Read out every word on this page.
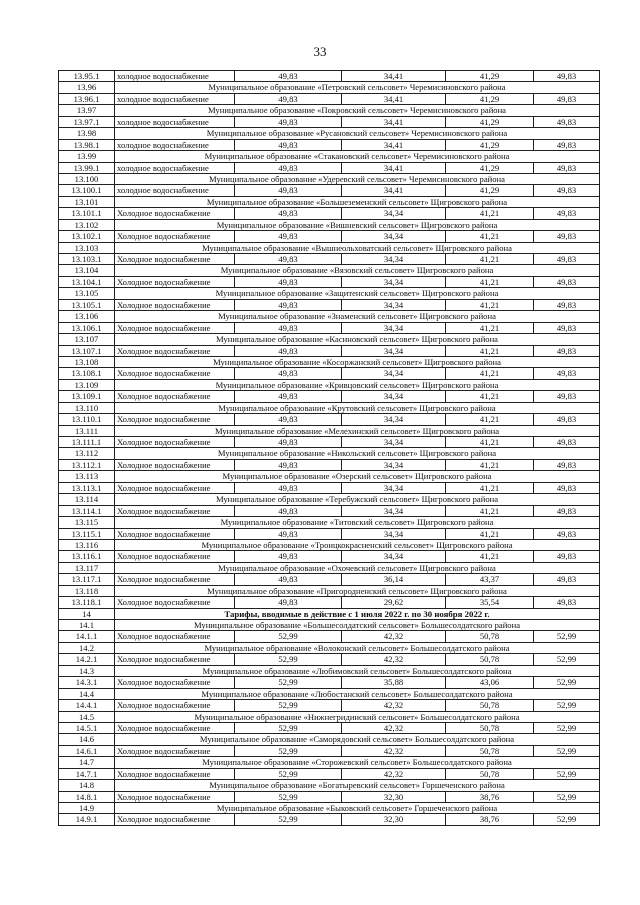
33
13.95.1	холодное водоснабжение	49,83	34,41	41,29	49,83
13.96	Муниципальное образование «Петровский сельсовет» Черемисиновского района
13.96.1	холодное водоснабжение	49,83	34,41	41,29	49,83
13.97	Муниципальное образование «Покровский сельсовет» Черемисиновского района
13.97.1	холодное водоснабжение	49,83	34,41	41,29	49,83
13.98	Муниципальное образование «Русановский сельсовет» Черемисиновского района
13.98.1	холодное водоснабжение	49,83	34,41	41,29	49,83
13.99	Муниципальное образование «Стакановский сельсовет» Черемисиновского района
13.99.1	холодное водоснабжение	49,83	34,41	41,29	49,83
13.100	Муниципальное образование «Удеревский сельсовет» Черемисиновского района
13.100.1	холодное водоснабжение	49,83	34,41	41,29	49,83
13.101	Муниципальное образование «Большеземенский сельсовет» Щигровского района
13.101.1	Холодное водоснабжение	49,83	34,34	41,21	49,83
13.102	Муниципальное образование «Вишневский сельсовет» Щигровского района
13.102.1	Холодное водоснабжение	49,83	34,34	41,21	49,83
13.103	Муниципальное образование «Вышнеольховатский сельсовет» Щигровского района
13.103.1	Холодное водоснабжение	49,83	34,34	41,21	49,83
13.104	Муниципальное образование «Вязовский сельсовет» Щигровского района
13.104.1	Холодное водоснабжение	49,83	34,34	41,21	49,83
13.105	Муниципальное образование «Защитенский сельсовет» Щигровского района
13.105.1	Холодное водоснабжение	49,83	34,34	41,21	49,83
13.106	Муниципальное образование «Знаменский сельсовет» Щигровского района
13.106.1	Холодное водоснабжение	49,83	34,34	41,21	49,83
13.107	Муниципальное образование «Касиновский сельсовет» Щигровского района
13.107.1	Холодное водоснабжение	49,83	34,34	41,21	49,83
13.108	Муниципальное образование «Косоржанский сельсовет» Щигровского района
13.108.1	Холодное водоснабжение	49,83	34,34	41,21	49,83
13.109	Муниципальное образование «Кривцовский сельсовет» Щигровского района
13.109.1	Холодное водоснабжение	49,83	34,34	41,21	49,83
13.110	Муниципальное образование «Крутовский сельсовет» Щигровского района
13.110.1	Холодное водоснабжение	49,83	34,34	41,21	49,83
13.111	Муниципальное образование «Мелехинский сельсовет» Щигровского района
13.111.1	Холодное водоснабжение	49,83	34,34	41,21	49,83
13.112	Муниципальное образование «Никольский сельсовет» Щигровского района
13.112.1	Холодное водоснабжение	49,83	34,34	41,21	49,83
13.113	Муниципальное образование «Озерский сельсовет» Щигровского района
13.113.1	Холодное водоснабжение	49,83	34,34	41,21	49,83
13.114	Муниципальное образование «Теребужский сельсовет» Щигровского района
13.114.1	Холодное водоснабжение	49,83	34,34	41,21	49,83
13.115	Муниципальное образование «Титовский сельсовет» Щигровского района
13.115.1	Холодное водоснабжение	49,83	34,34	41,21	49,83
13.116	Муниципальное образование «Троицкокрасненский сельсовет» Щигровского района
13.116.1	Холодное водоснабжение	49,83	34,34	41,21	49,83
13.117	Муниципальное образование «Охочевский сельсовет» Щигровского района
13.117.1	Холодное водоснабжение	49,83	36,14	43,37	49,83
13.118	Муниципальное образование «Пригородненский сельсовет» Щигровского района
13.118.1	Холодное водоснабжение	49,83	29,62	35,54	49,83
14	Тарифы, вводимые в действие с 1 июля 2022 г. по 30 ноября 2022 г.
14.1	Муниципальное образование «Большесолдатский сельсовет» Большесолдатского района
14.1.1	Холодное водоснабжение	52,99	42,32	50,78	52,99
14.2	Муниципальное образование «Волоконский сельсовет» Большесолдатского района
14.2.1	Холодное водоснабжение	52,99	42,32	50,78	52,99
14.3	Муниципальное образование «Любимовский сельсовет» Большесолдатского района
14.3.1	Холодное водоснабжение	52,99	35,88	43,06	52,99
14.4	Муниципальное образование «Любостанский сельсовет» Большесолдатского района
14.4.1	Холодное водоснабжение	52,99	42,32	50,78	52,99
14.5	Муниципальное образование «Нижнегридинский сельсовет» Большесолдатского района
14.5.1	Холодное водоснабжение	52,99	42,32	50,78	52,99
14.6	Муниципальное образование «Саморядовский сельсовет» Большесолдатского района
14.6.1	Холодное водоснабжение	52,99	42,32	50,78	52,99
14.7	Муниципальное образование «Сторожевский сельсовет» Большесолдатского района
14.7.1	Холодное водоснабжение	52,99	42,32	50,78	52,99
14.8	Муниципальное образование «Богатыревский сельсовет» Горшеченского района
14.8.1	Холодное водоснабжение	52,99	32,30	38,76	52,99
14.9	Муниципальное образование «Быковский сельсовет» Горшеченского района
14.9.1	Холодное водоснабжение	52,99	32,30	38,76	52,99
